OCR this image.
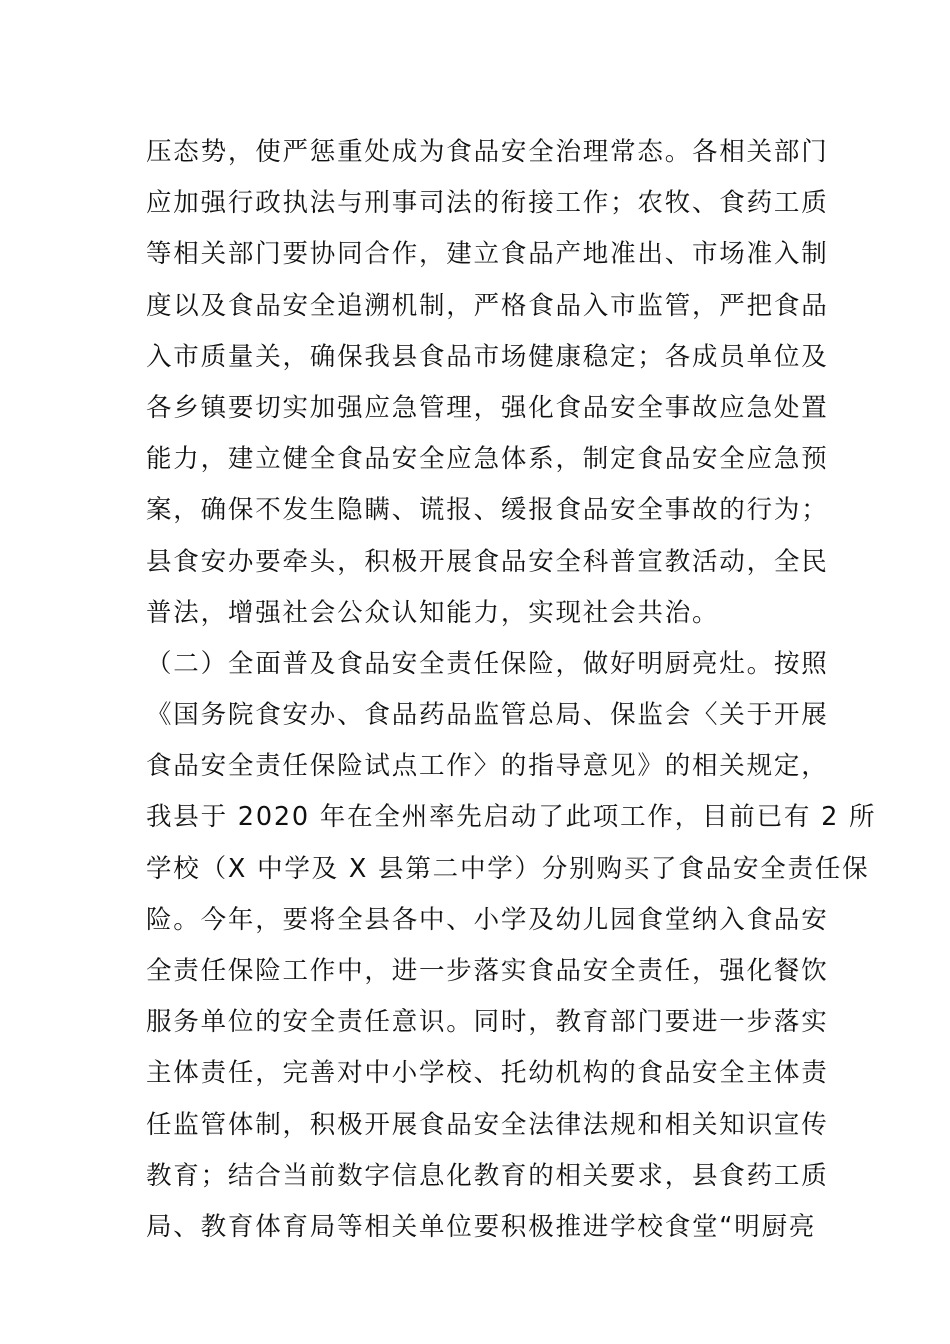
压态势，使严惩重处成为食品安全治理常态。各相关部门
应加强行政执法与刑事司法的衔接工作；农牧、食药工质
等相关部门要协同合作，建立食品产地准出、市场准入制
度以及食品安全追溯机制，严格食品入市监管，严把食品
入市质量关，确保我县食品市场健康稳定；各成员单位及
各乡镇要切实加强应急管理，强化食品安全事故应急处置
能力，建立健全食品安全应急体系，制定食品安全应急预
案，确保不发生隐瞒、谎报、缓报食品安全事故的行为；
县食安办要牵头，积极开展食品安全科普宣教活动，全民
普法，增强社会公众认知能力，实现社会共治。
（二）全面普及食品安全责任保险，做好明厨亮灶。按照
《国务院食安办、食品药品监管总局、保监会〈关于开展
食品安全责任保险试点工作〉的指导意见》的相关规定，
我县于 2020 年在全州率先启动了此项工作，目前已有 2 所
学校（X 中学及 X 县第二中学）分别购买了食品安全责任保
险。今年，要将全县各中、小学及幼儿园食堂纳入食品安
全责任保险工作中，进一步落实食品安全责任，强化餐饮
服务单位的安全责任意识。同时，教育部门要进一步落实
主体责任，完善对中小学校、托幼机构的食品安全主体责
任监管体制，积极开展食品安全法律法规和相关知识宣传
教育；结合当前数字信息化教育的相关要求，县食药工质
局、教育体育局等相关单位要积极推进学校食堂“明厨亮
